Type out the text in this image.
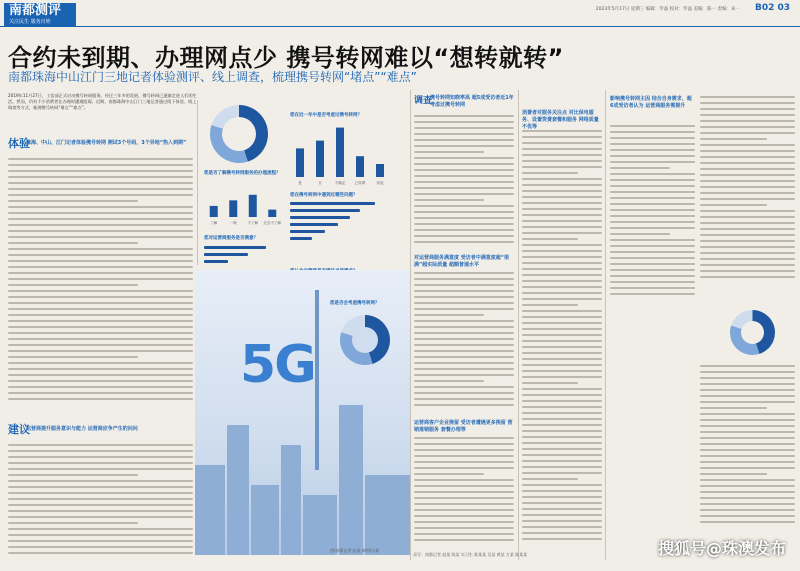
南都测评
关注民生 服务百姓
2023年5月17日 星期三 编辑：罗晶 校对：罗晶 美编：陈一 责编：朱一 B02 03
合约未到期、办理网点少 携号转网难以“想转就转”
南都珠海中山江门三地记者体验测评、线上调查，梳理携号转网“堵点”“难点”
2019年11月27日，工信部正式启动携号转网服务。经过三年多的发展，携号转网已逐渐走进人们的生活。然而，仍有不少消费者在办理时遭遇阻碍。近期，南都珠海中山江门三地记者通过线下体验、线上调查等方式，梳理携号转网“堵点”“难点”。
体验
珠海、中山、江门记者体验携号转网 测试3个号码，3个异地“热入到期”
建议
运营商提升服务意识与能力 运营商应争产生的问问
您是否了解携号转网服务的办理流程？
了解	一般	不了解 完全不了解
您在近一年中是否考虑过携号转网？
是	否	不确定	已转网	其他
您在携号转网中遇到过哪些问题？
您对运营商服务是否满意？
5G
图/南都记者 赵某 制图/冯某
您是否会考虑携号转网？
调查
携号转网知晓率高 超5成受访者近1年考虑过携号转网
对运营商服务满意度 受访者中满意度超“很满”超实际质量 超额普通水平
运营商客户企业挽留 受访者遭遇更多挽留 营销推销服务 套餐办理等
消费者对服务关注点 对比保电服务、设置资费套餐和服务 网络质量不优等
影响携号转网主因 结合自身需求、超6成受访者认为 运营商服务需提升
采写：南都记者 赵某 陈某 实习生 陈某某 吴某 黄某 方某 陈某某	搜狐号@珠澳发布
